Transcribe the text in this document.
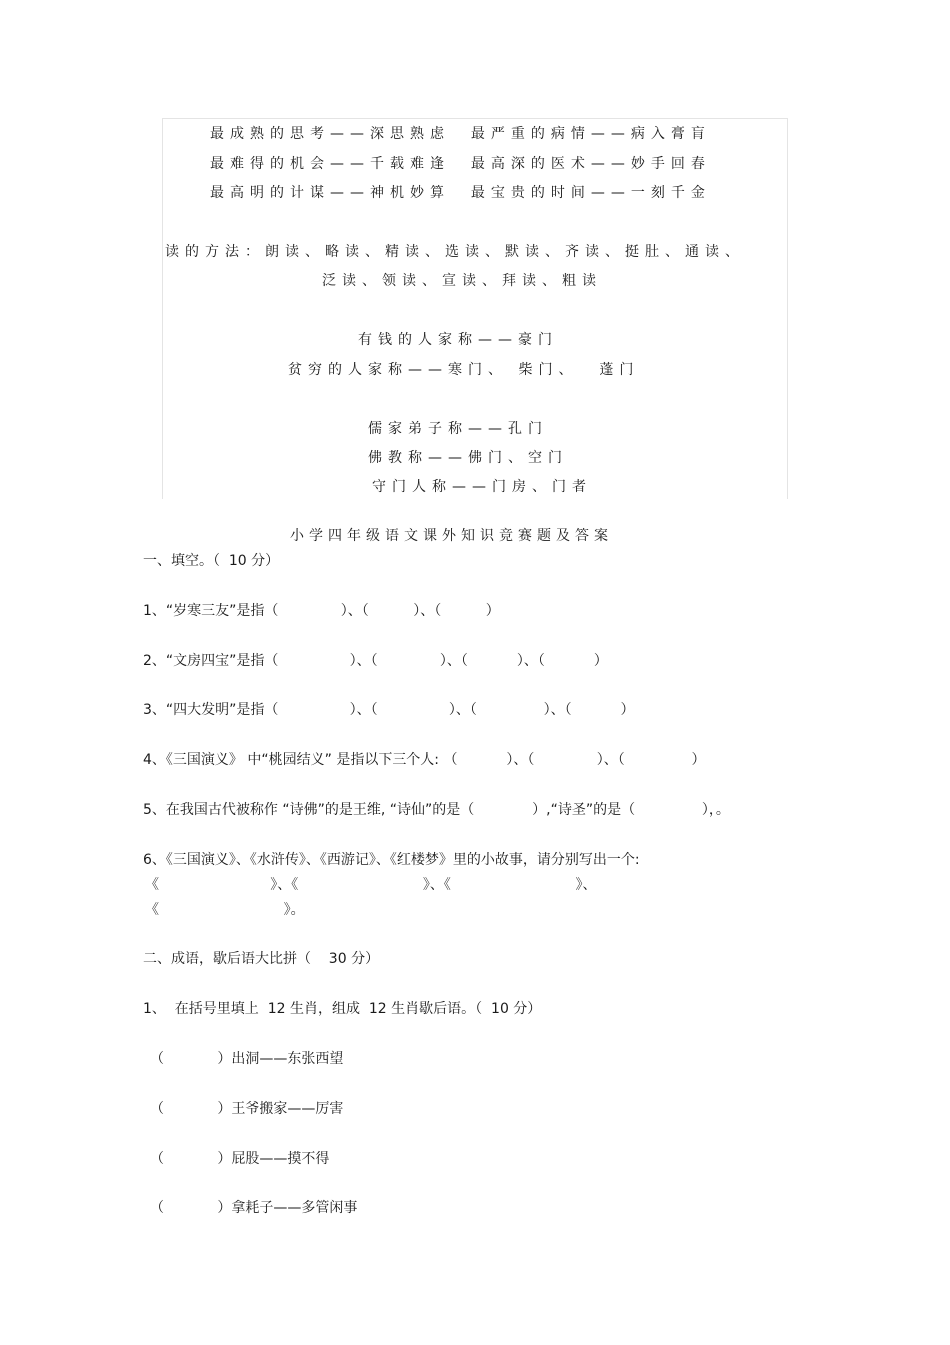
最成熟的思考——深思熟虑  最严重的病情——病入膏肓
最难得的机会——千载难逢  最高深的医术——妙手回春
最高明的计谋——神机妙算  最宝贵的时间——一刻千金
读的方法：朗读、略读、精读、选读、默读、齐读、挺肚、通读、
泛读、领读、宣读、拜读、粗读
有钱的人家称——豪门
贫穷的人家称——寒门、 柴门、  蓬门
儒家弟子称——孔门
佛教称——佛门、空门
守门人称——门房、门者
小学四年级语文课外知识竞赛题及答案
一、填空。（  10 分）
1、“岁寒三友”是指（              ）、（          ）、（          ）
2、“文房四宝”是指（                ）、（              ）、（           ）、（           ）
3、“四大发明”是指（                ）、（                ）、（               ）、（           ）
4、《三国演义》 中“桃园结义” 是指以下三个人: （           ）、（              ）、（               ）
5、在我国古代被称作 “诗佛”的是王维, “诗仙”的是（             ）,“诗圣”的是（               ），。
6、《三国演义》、《水浒传》、《西游记》、《红楼梦》里的小故事，请分别写出一个:
《                         》、《                            》、《                            》、
《                            》。
二、成语，歇后语大比拼（    30 分）
1、  在括号里填上  12 生肖，组成  12 生肖歇后语。（  10 分）
（            ）出洞——东张西望
（            ）王爷搬家——厉害
（            ）屁股——摸不得
（            ）拿耗子——多管闲事
